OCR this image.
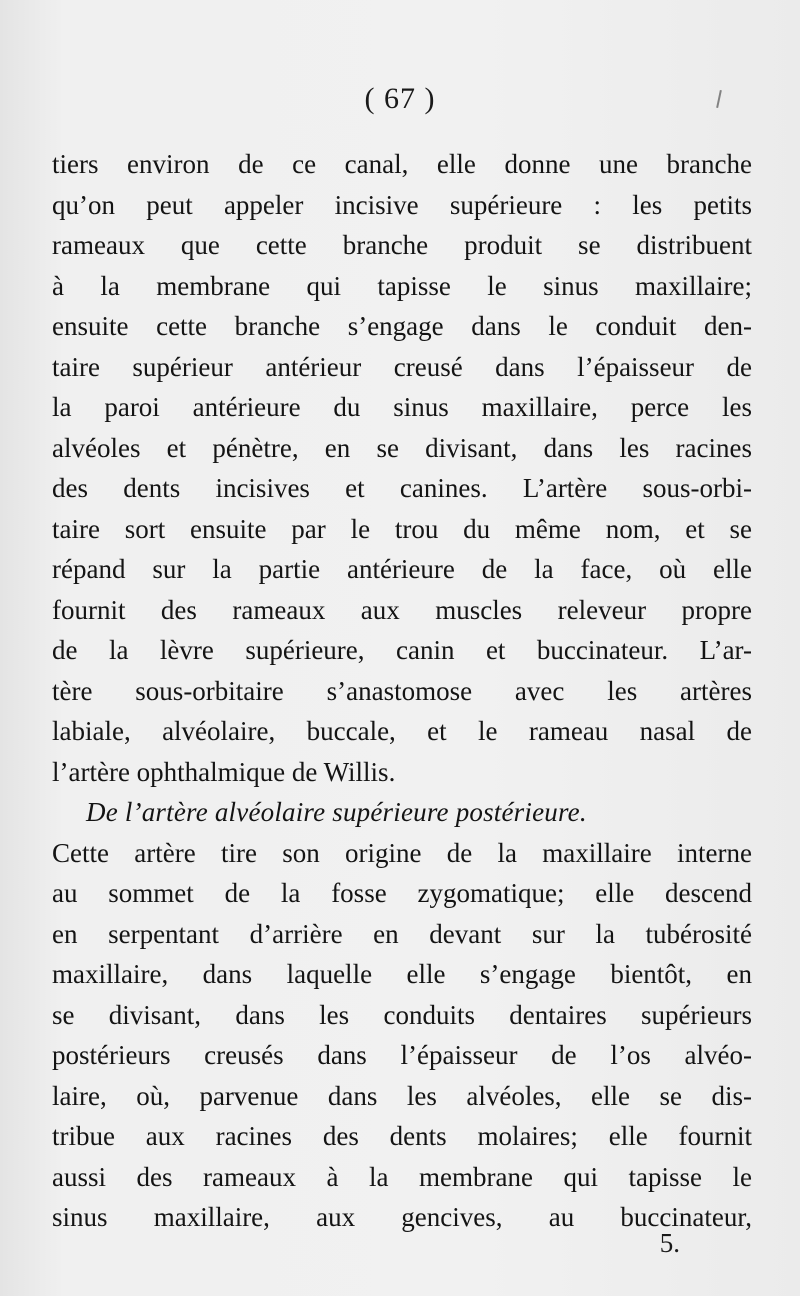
( 67 )
tiers environ de ce canal, elle donne une branche
qu’on peut appeler incisive supérieure : les petits
rameaux que cette branche produit se distribuent
à la membrane qui tapisse le sinus maxillaire;
ensuite cette branche s’engage dans le conduit den-
taire supérieur antérieur creusé dans l’épaisseur de
la paroi antérieure du sinus maxillaire, perce les
alvéoles et pénètre, en se divisant, dans les racines
des dents incisives et canines. L’artère sous-orbi-
taire sort ensuite par le trou du même nom, et se
répand sur la partie antérieure de la face, où elle
fournit des rameaux aux muscles releveur propre
de la lèvre supérieure, canin et buccinateur. L’ar-
tère sous-orbitaire s’anastomose avec les artères
labiale, alvéolaire, buccale, et le rameau nasal de
l’artère ophthalmique de Willis.
De l’artère alvéolaire supérieure postérieure.
Cette artère tire son origine de la maxillaire interne
au sommet de la fosse zygomatique; elle descend
en serpentant d’arrière en devant sur la tubérosité
maxillaire, dans laquelle elle s’engage bientôt, en
se divisant, dans les conduits dentaires supérieurs
postérieurs creusés dans l’épaisseur de l’os alvéo-
laire, où, parvenue dans les alvéoles, elle se dis-
tribue aux racines des dents molaires; elle fournit
aussi des rameaux à la membrane qui tapisse le
sinus maxillaire, aux gencives, au buccinateur,
5.
